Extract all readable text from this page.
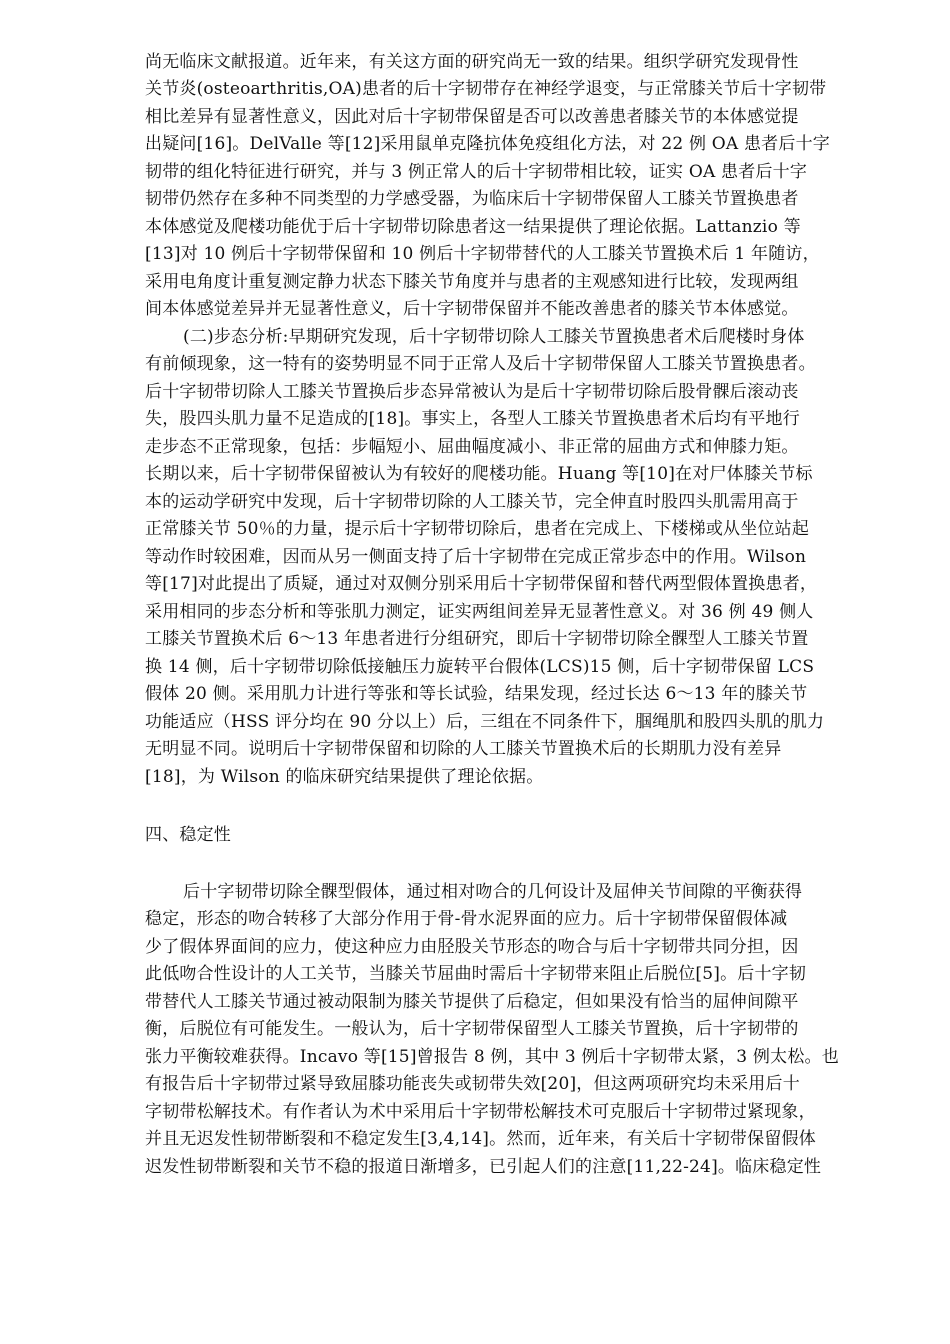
尚无临床文献报道。近年来，有关这方面的研究尚无一致的结果。组织学研究发现骨性
关节炎(osteoarthritis,OA)患者的后十字韧带存在神经学退变，与正常膝关节后十字韧带
相比差异有显著性意义，因此对后十字韧带保留是否可以改善患者膝关节的本体感觉提
出疑问[16]。DelValle 等[12]采用鼠单克隆抗体免疫组化方法，对 22 例 OA 患者后十字
韧带的组化特征进行研究，并与 3 例正常人的后十字韧带相比较，证实 OA 患者后十字
韧带仍然存在多种不同类型的力学感受器，为临床后十字韧带保留人工膝关节置换患者
本体感觉及爬楼功能优于后十字韧带切除患者这一结果提供了理论依据。Lattanzio 等
[13]对 10 例后十字韧带保留和 10 例后十字韧带替代的人工膝关节置换术后 1 年随访，
采用电角度计重复测定静力状态下膝关节角度并与患者的主观感知进行比较，发现两组
间本体感觉差异并无显著性意义，后十字韧带保留并不能改善患者的膝关节本体感觉。
(二)步态分析:早期研究发现，后十字韧带切除人工膝关节置换患者术后爬楼时身体
有前倾现象，这一特有的姿势明显不同于正常人及后十字韧带保留人工膝关节置换患者。
后十字韧带切除人工膝关节置换后步态异常被认为是后十字韧带切除后股骨髁后滚动丧
失，股四头肌力量不足造成的[18]。事实上，各型人工膝关节置换患者术后均有平地行
走步态不正常现象，包括：步幅短小、屈曲幅度减小、非正常的屈曲方式和伸膝力矩。
长期以来，后十字韧带保留被认为有较好的爬楼功能。Huang 等[10]在对尸体膝关节标
本的运动学研究中发现，后十字韧带切除的人工膝关节，完全伸直时股四头肌需用高于
正常膝关节 50％的力量，提示后十字韧带切除后，患者在完成上、下楼梯或从坐位站起
等动作时较困难，因而从另一侧面支持了后十字韧带在完成正常步态中的作用。Wilson
等[17]对此提出了质疑，通过对双侧分别采用后十字韧带保留和替代两型假体置换患者，
采用相同的步态分析和等张肌力测定，证实两组间差异无显著性意义。对 36 例 49 侧人
工膝关节置换术后 6～13 年患者进行分组研究，即后十字韧带切除全髁型人工膝关节置
换 14 侧，后十字韧带切除低接触压力旋转平台假体(LCS)15 侧，后十字韧带保留 LCS
假体 20 侧。采用肌力计进行等张和等长试验，结果发现，经过长达 6～13 年的膝关节
功能适应（HSS 评分均在 90 分以上）后，三组在不同条件下，腘绳肌和股四头肌的肌力
无明显不同。说明后十字韧带保留和切除的人工膝关节置换术后的长期肌力没有差异
[18]，为 Wilson 的临床研究结果提供了理论依据。
四、稳定性
后十字韧带切除全髁型假体，通过相对吻合的几何设计及屈伸关节间隙的平衡获得
稳定，形态的吻合转移了大部分作用于骨-骨水泥界面的应力。后十字韧带保留假体减
少了假体界面间的应力，使这种应力由胫股关节形态的吻合与后十字韧带共同分担，因
此低吻合性设计的人工关节，当膝关节屈曲时需后十字韧带来阻止后脱位[5]。后十字韧
带替代人工膝关节通过被动限制为膝关节提供了后稳定，但如果没有恰当的屈伸间隙平
衡，后脱位有可能发生。一般认为，后十字韧带保留型人工膝关节置换，后十字韧带的
张力平衡较难获得。Incavo 等[15]曾报告 8 例，其中 3 例后十字韧带太紧，3 例太松。也
有报告后十字韧带过紧导致屈膝功能丧失或韧带失效[20]，但这两项研究均未采用后十
字韧带松解技术。有作者认为术中采用后十字韧带松解技术可克服后十字韧带过紧现象，
并且无迟发性韧带断裂和不稳定发生[3,4,14]。然而，近年来，有关后十字韧带保留假体
迟发性韧带断裂和关节不稳的报道日渐增多，已引起人们的注意[11,22-24]。临床稳定性
